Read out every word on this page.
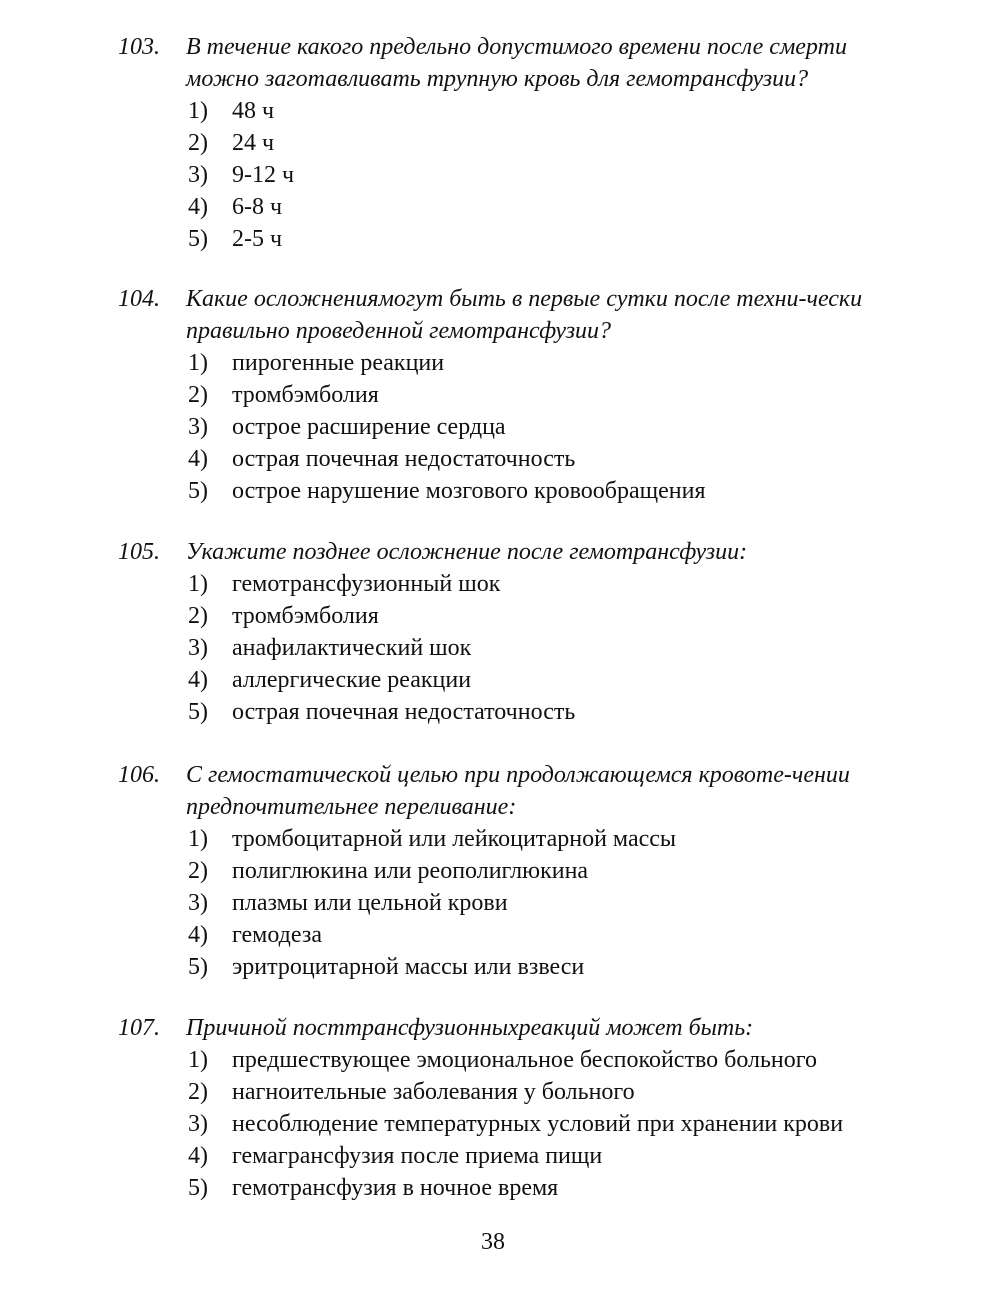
103. В течение какого предельно допустимого времени после смерти можно заготавливать трупную кровь для гемотрансфузии?
1) 48 ч
2) 24 ч
3) 9-12 ч
4) 6-8 ч
5) 2-5 ч
104. Какие осложнениямогут быть в первые сутки после техни-чески правильно проведенной гемотрансфузии?
1) пирогенные реакции
2) тромбэмболия
3) острое расширение сердца
4) острая почечная недостаточность
5) острое нарушение мозгового кровообращения
105. Укажите позднее осложнение после гемотрансфузии:
1) гемотрансфузионный шок
2) тромбэмболия
3) анафилактический шок
4) аллергические реакции
5) острая почечная недостаточность
106. С гемостатической целью при продолжающемся кровоте-чении предпочтительнее переливание:
1) тромбоцитарной или лейкоцитарной массы
2) полиглюкина или реополиглюкина
3) плазмы или цельной крови
4) гемодеза
5) эритроцитарной массы или взвеси
107. Причиной посттрансфузионныхреакций может быть:
1) предшествующее эмоциональное беспокойство больного
2) нагноительные заболевания у больного
3) несоблюдение температурных условий при хранении крови
4) гемагрансфузия после приема пищи
5) гемотрансфузия в ночное время
38
